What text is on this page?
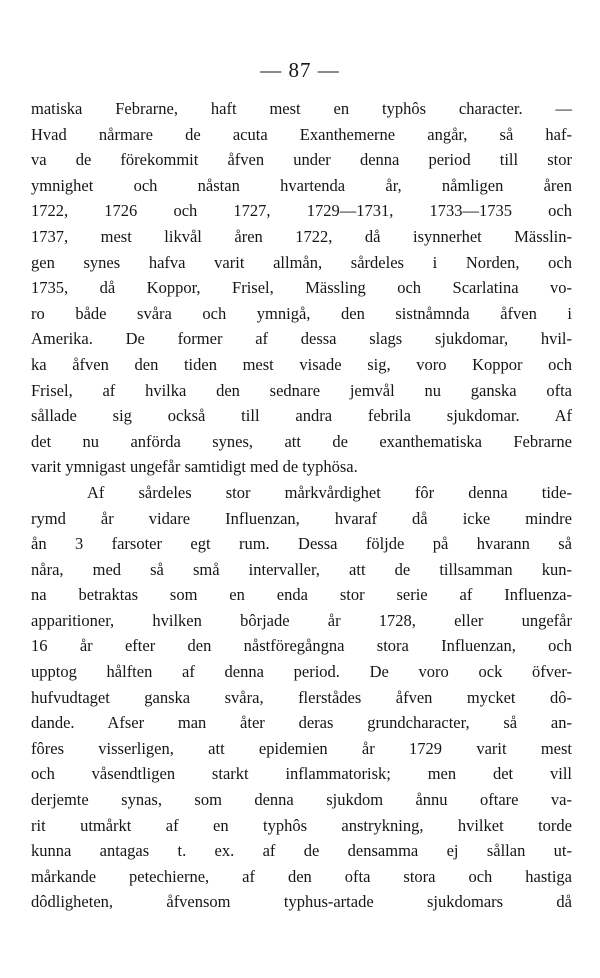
— 87 —
matiska Febrarne, haft mest en typhôs character. —
Hvad nårmare de acuta Exanthemerne angår, så haf-
va de förekommit åfven under denna period till stor
ymnighet och nåstan hvartenda år, nåmligen åren
1722, 1726 och 1727, 1729—1731, 1733—1735 och
1737, mest likvål åren 1722, då isynnerhet Mässlin-
gen synes hafva varit allmån, sårdeles i Norden, och
1735, då Koppor, Frisel, Mässling och Scarlatina vo-
ro både svåra och ymnigå, den sistnåmnda åfven i
Amerika. De former af dessa slags sjukdomar, hvil-
ka åfven den tiden mest visade sig, voro Koppor och
Frisel, af hvilka den sednare jemvål nu ganska ofta
sållade sig också till andra febrila sjukdomar. Af
det nu anförda synes, att de exanthematiska Febrarne
varit ymnigast ungefår samtidigt med de typhösa.
Af sårdeles stor mårkvårdighet fôr denna tide-
rymd år vidare Influenzan, hvaraf då icke mindre
ån 3 farsoter egt rum. Dessa följde på hvarann så
nåra, med så små intervaller, att de tillsamman kun-
na betraktas som en enda stor serie af Influenza-
apparitioner, hvilken bôrjade år 1728, eller ungefår
16 år efter den nåstföregångna stora Influenzan, och
upptog hålften af denna period. De voro ock öfver-
hufvudtaget ganska svåra, flerstådes åfven mycket dô-
dande. Afser man åter deras grundcharacter, så an-
fôres visserligen, att epidemien år 1729 varit mest
och våsendtligen starkt inflammatorisk; men det vill
derjemte synas, som denna sjukdom ånnu oftare va-
rit utmårkt af en typhôs anstrykning, hvilket torde
kunna antagas t. ex. af de densamma ej sållan ut-
mårkande petechierne, af den ofta stora och hastiga
dôdligheten, åfvensom typhus-artade sjukdomars då
